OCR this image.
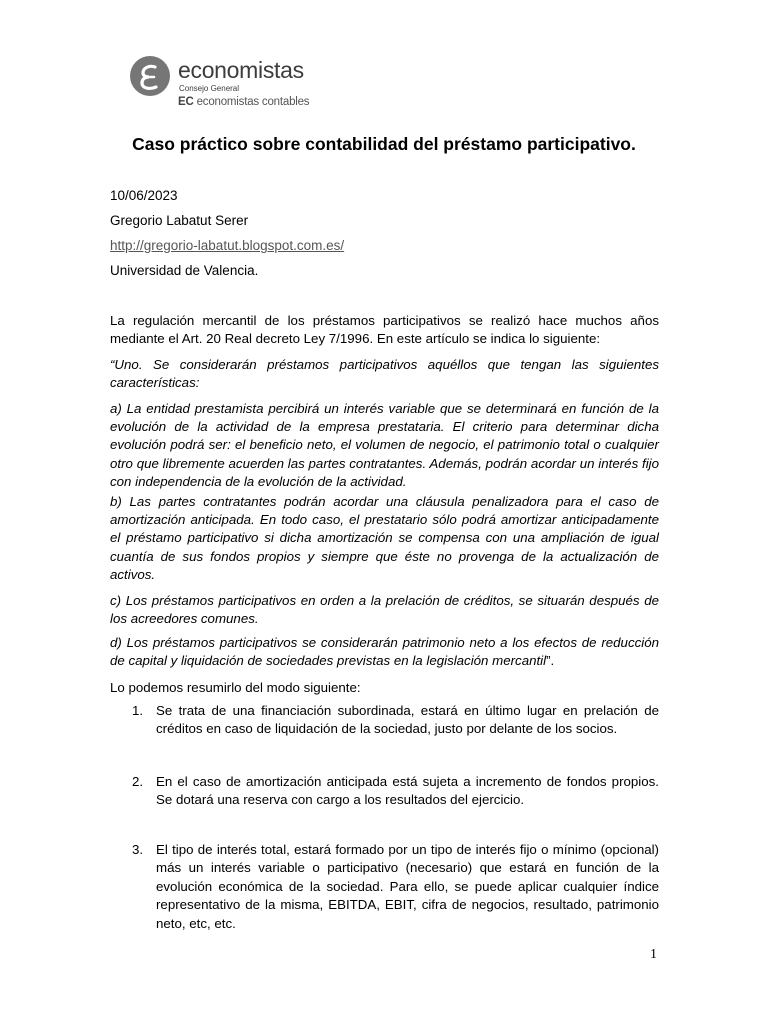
economistas
Consejo General
EC economistas contables
Caso práctico sobre contabilidad del préstamo participativo.
10/06/2023
Gregorio Labatut Serer
http://gregorio-labatut.blogspot.com.es/
Universidad de Valencia.
La regulación mercantil de los préstamos participativos se realizó hace muchos años mediante el Art. 20 Real decreto Ley 7/1996. En este artículo se indica lo siguiente:
“Uno. Se considerarán préstamos participativos aquéllos que tengan las siguientes características:
a) La entidad prestamista percibirá un interés variable que se determinará en función de la evolución de la actividad de la empresa prestataria. El criterio para determinar dicha evolución podrá ser: el beneficio neto, el volumen de negocio, el patrimonio total o cualquier otro que libremente acuerden las partes contratantes. Además, podrán acordar un interés fijo con independencia de la evolución de la actividad.
b) Las partes contratantes podrán acordar una cláusula penalizadora para el caso de amortización anticipada. En todo caso, el prestatario sólo podrá amortizar anticipadamente el préstamo participativo si dicha amortización se compensa con una ampliación de igual cuantía de sus fondos propios y siempre que éste no provenga de la actualización de activos.
c) Los préstamos participativos en orden a la prelación de créditos, se situarán después de los acreedores comunes.
d) Los préstamos participativos se considerarán patrimonio neto a los efectos de reducción de capital y liquidación de sociedades previstas en la legislación mercantil”.
Lo podemos resumirlo del modo siguiente:
1. Se trata de una financiación subordinada, estará en último lugar en prelación de créditos en caso de liquidación de la sociedad, justo por delante de los socios.
2. En el caso de amortización anticipada está sujeta a incremento de fondos propios. Se dotará una reserva con cargo a los resultados del ejercicio.
3. El tipo de interés total, estará formado por un tipo de interés fijo o mínimo (opcional) más un interés variable o participativo (necesario) que estará en función de la evolución económica de la sociedad. Para ello, se puede aplicar cualquier índice representativo de la misma, EBITDA, EBIT, cifra de negocios, resultado, patrimonio neto, etc, etc.
1
